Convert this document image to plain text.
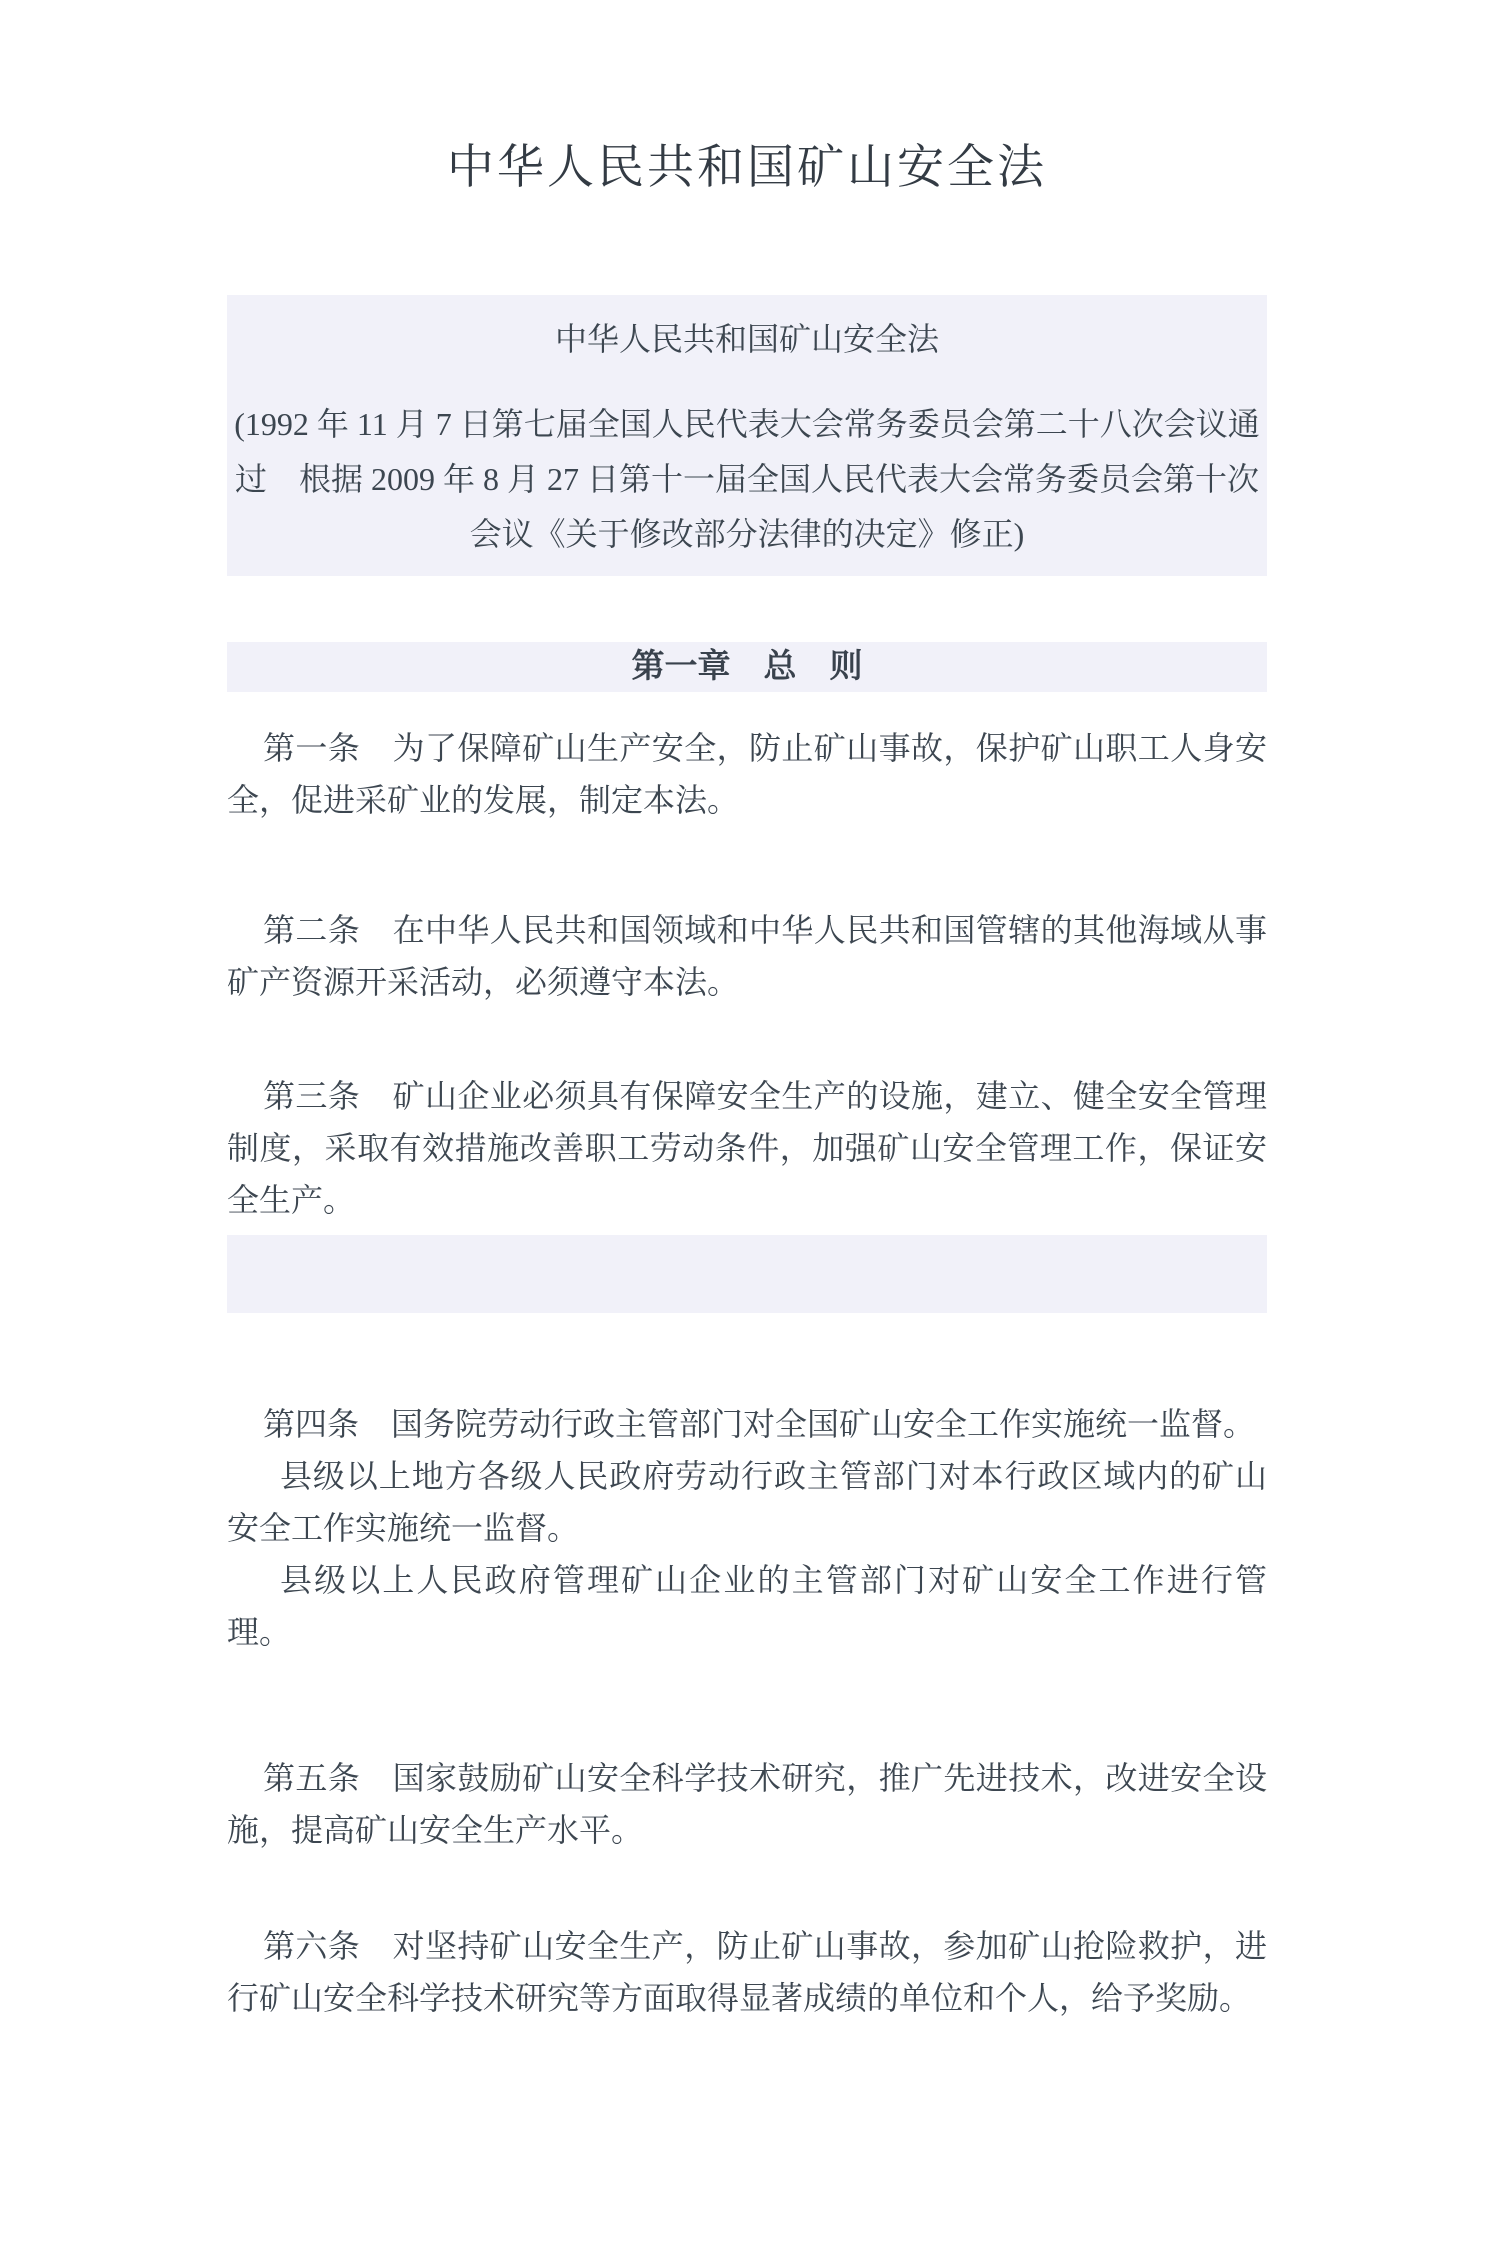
中华人民共和国矿山安全法

中华人民共和国矿山安全法

(1992 年 11 月 7 日第七届全国人民代表大会常务委员会第二十八次会议通过　根据 2009 年 8 月 27 日第十一届全国人民代表大会常务委员会第十次会议《关于修改部分法律的决定》修正)

第一章　总　则

第一条　为了保障矿山生产安全，防止矿山事故，保护矿山职工人身安全，促进采矿业的发展，制定本法。

第二条　在中华人民共和国领域和中华人民共和国管辖的其他海域从事矿产资源开采活动，必须遵守本法。

第三条　矿山企业必须具有保障安全生产的设施，建立、健全安全管理制度，采取有效措施改善职工劳动条件，加强矿山安全管理工作，保证安全生产。

第四条　国务院劳动行政主管部门对全国矿山安全工作实施统一监督。

县级以上地方各级人民政府劳动行政主管部门对本行政区域内的矿山安全工作实施统一监督。

县级以上人民政府管理矿山企业的主管部门对矿山安全工作进行管理。

第五条　国家鼓励矿山安全科学技术研究，推广先进技术，改进安全设施，提高矿山安全生产水平。

第六条　对坚持矿山安全生产，防止矿山事故，参加矿山抢险救护，进行矿山安全科学技术研究等方面取得显著成绩的单位和个人，给予奖励。
